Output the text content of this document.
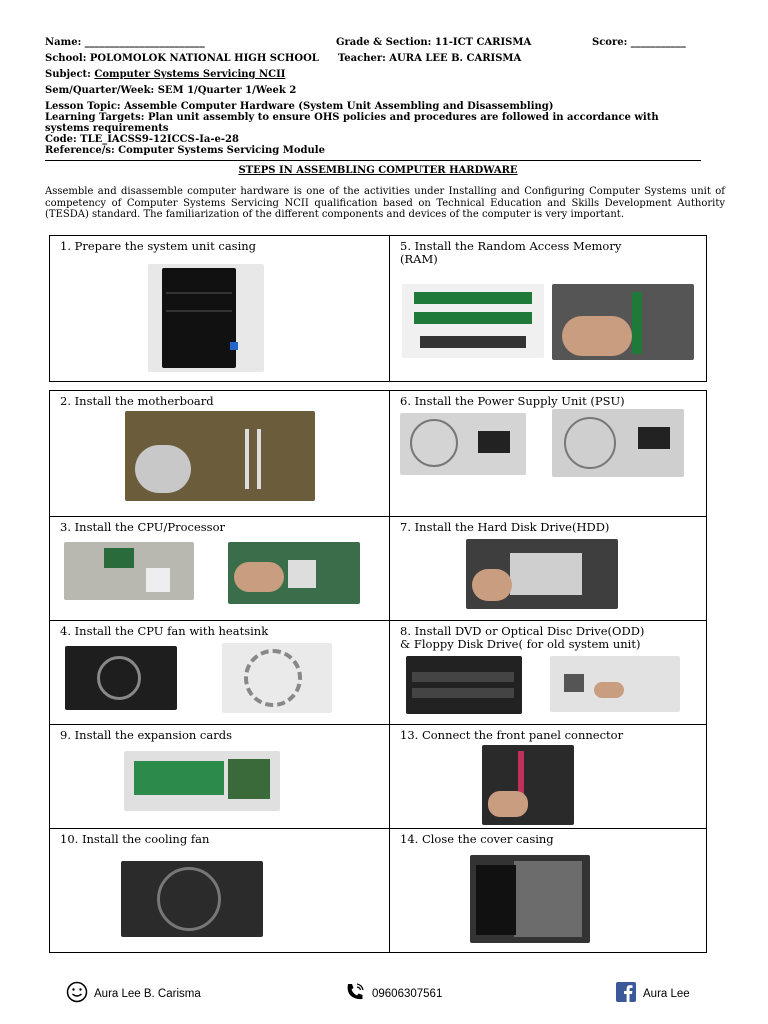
Name: ________________________	Grade & Section: 11-ICT CARISMA	Score: ___________
School: POLOMOLOK NATIONAL HIGH SCHOOL Teacher: AURA LEE B. CARISMA
Subject: Computer Systems Servicing NCII
Sem/Quarter/Week: SEM 1/Quarter 1/Week 2
Lesson Topic: Assemble Computer Hardware (System Unit Assembling and Disassembling)
Learning Targets: Plan unit assembly to ensure OHS policies and procedures are followed in accordance with
systems requirements
Code: TLE_IACSS9-12ICCS-Ia-e-28
Reference/s: Computer Systems Servicing Module
STEPS IN ASSEMBLING COMPUTER HARDWARE
Assemble and disassemble computer hardware is one of the activities under Installing and Configuring Computer Systems unit of competency of Computer Systems Servicing NCII qualification based on Technical Education and Skills Development Authority (TESDA) standard. The familiarization of the different components and devices of the computer is very important.
1. Prepare the system unit casing	5. Install the Random Access Memory
(RAM)
2. Install the motherboard	6. Install the Power Supply Unit (PSU)
3. Install the CPU/Processor	7. Install the Hard Disk Drive(HDD)
4. Install the CPU fan with heatsink	8. Install DVD or Optical Disc Drive(ODD)
& Floppy Disk Drive( for old system unit)
9. Install the expansion cards	13. Connect the front panel connector
10. Install the cooling fan	14. Close the cover casing
Aura Lee B. Carisma	09606307561	Aura Lee
